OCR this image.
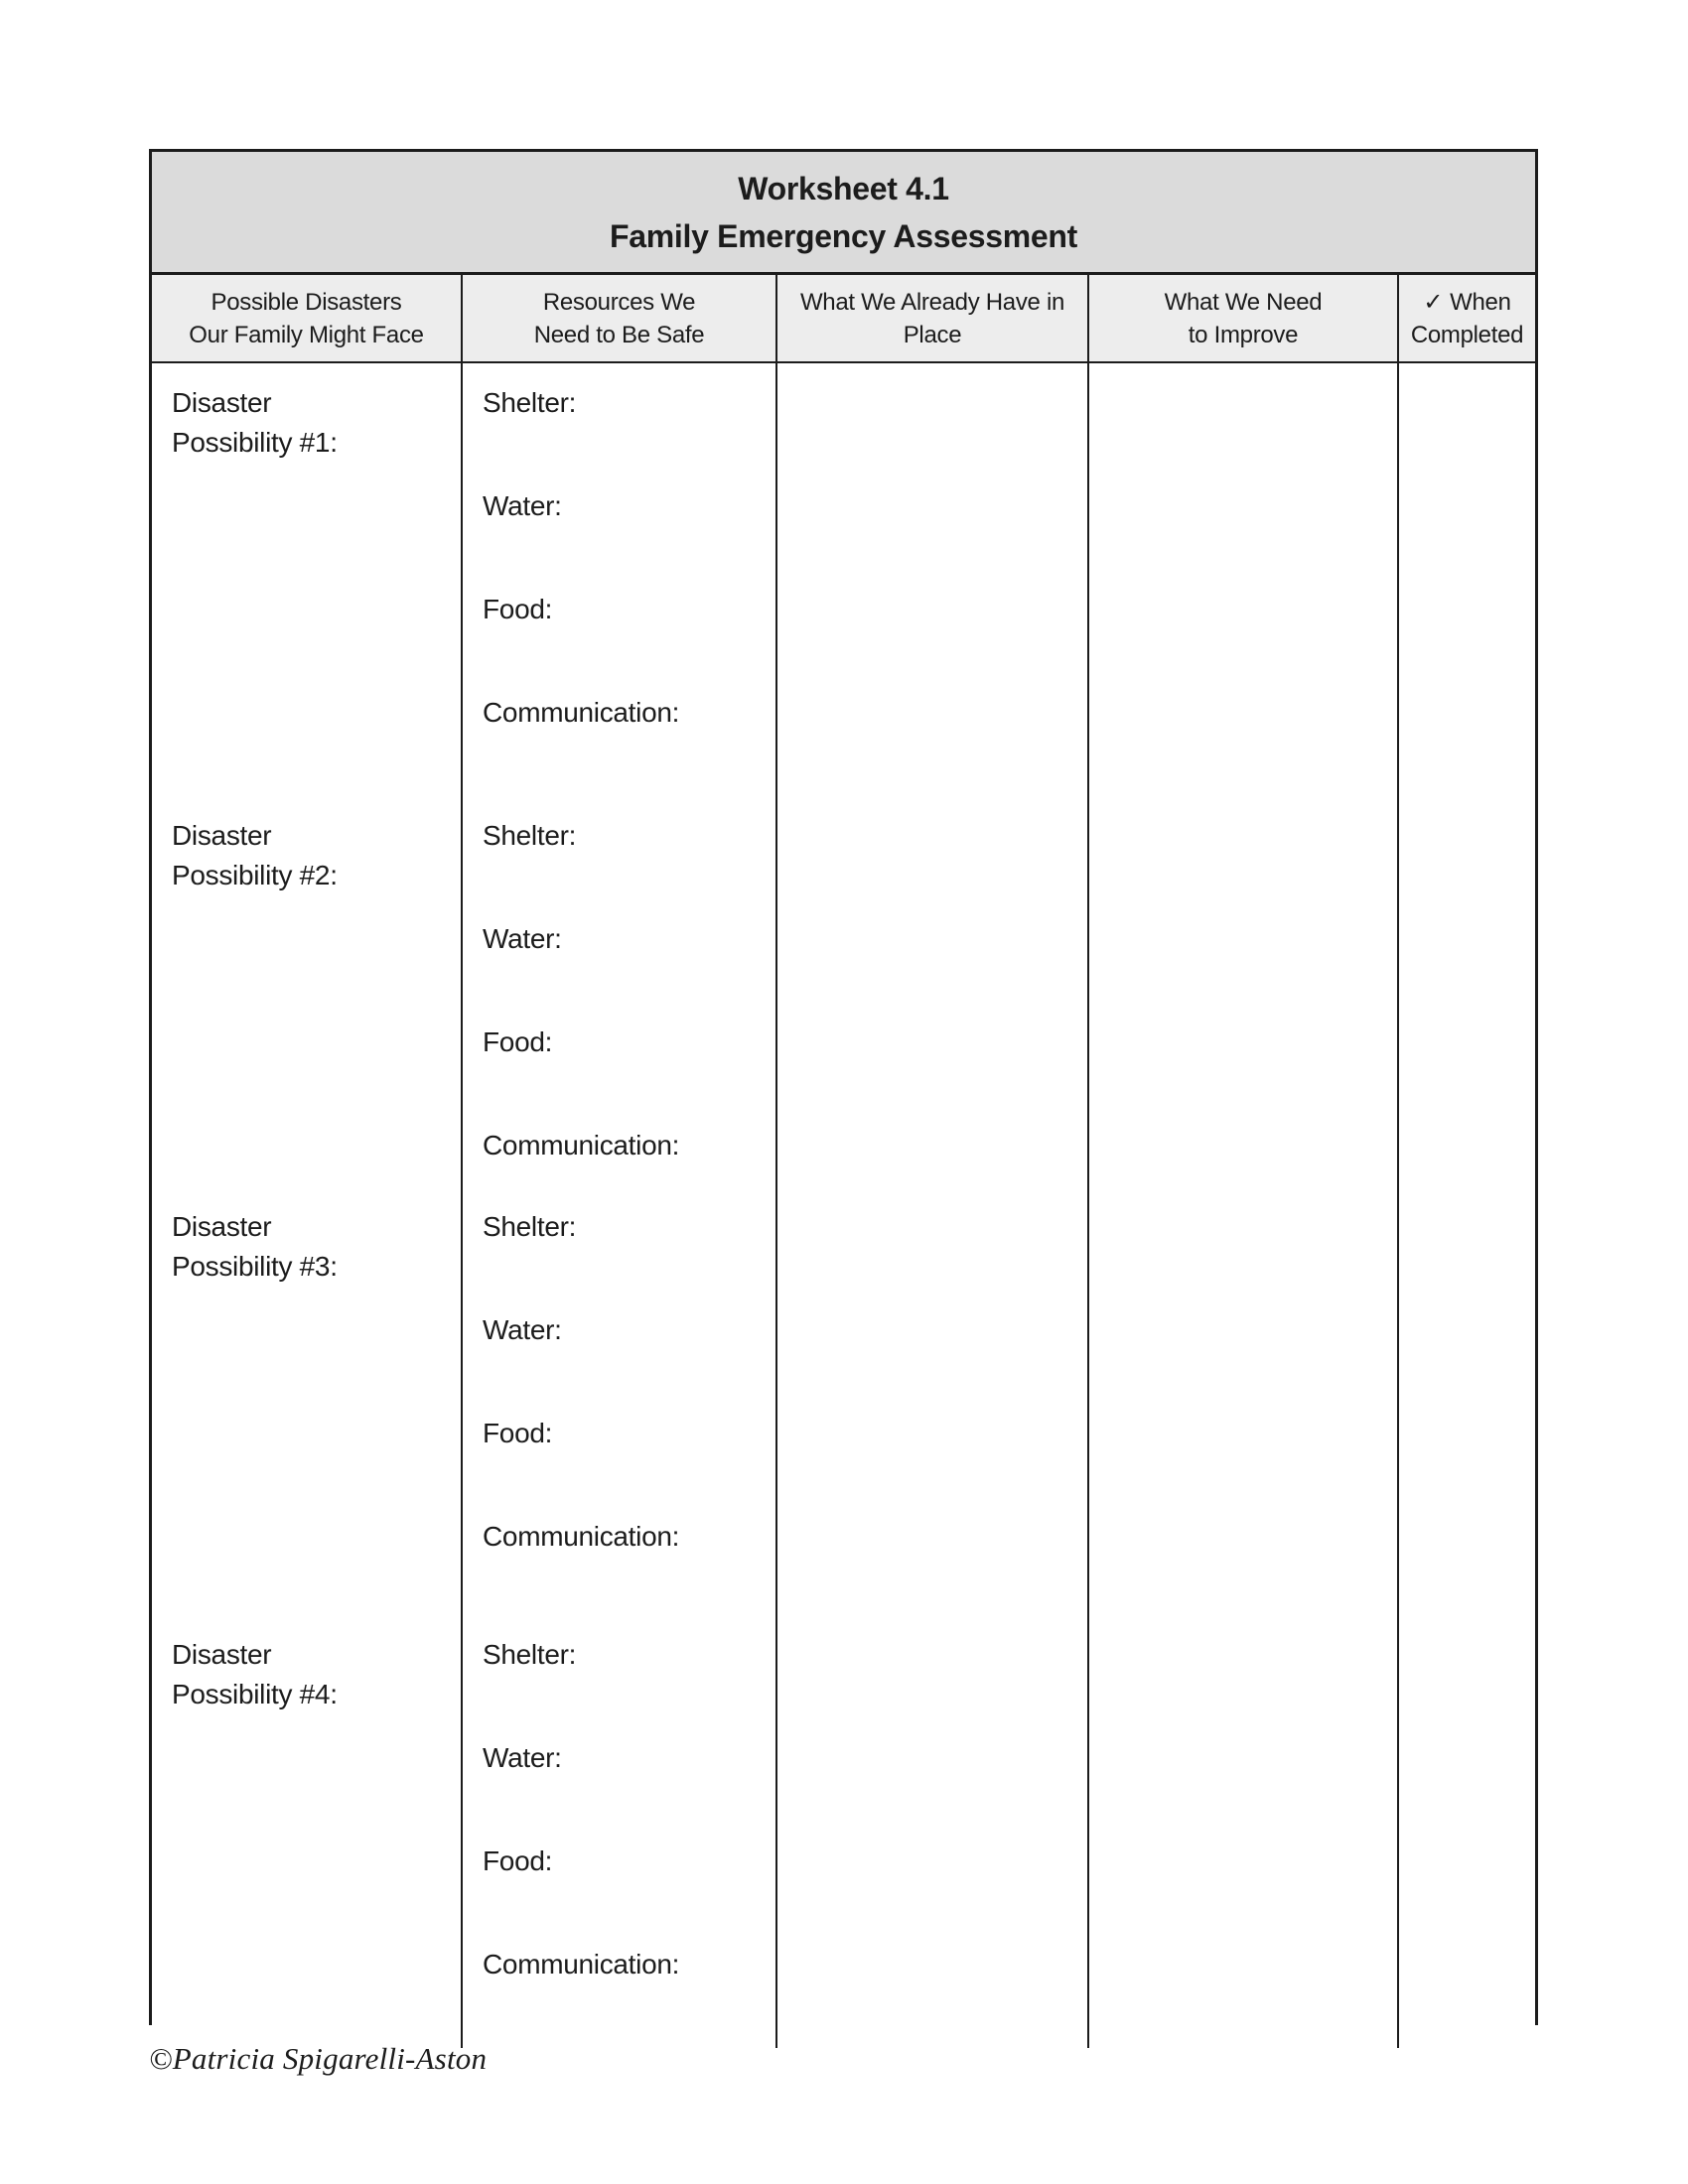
Worksheet 4.1
Family Emergency Assessment
Possible Disasters
Our Family Might Face
Resources We
Need to Be Safe
What We Already Have in
Place
What We Need
to Improve
✓ When
Completed
Disaster
Possibility #1:
Shelter:
Water:
Food:
Communication:
Disaster
Possibility #2:
Shelter:
Water:
Food:
Communication:
Disaster
Possibility #3:
Shelter:
Water:
Food:
Communication:
Disaster
Possibility #4:
Shelter:
Water:
Food:
Communication:
©Patricia Spigarelli-Aston
